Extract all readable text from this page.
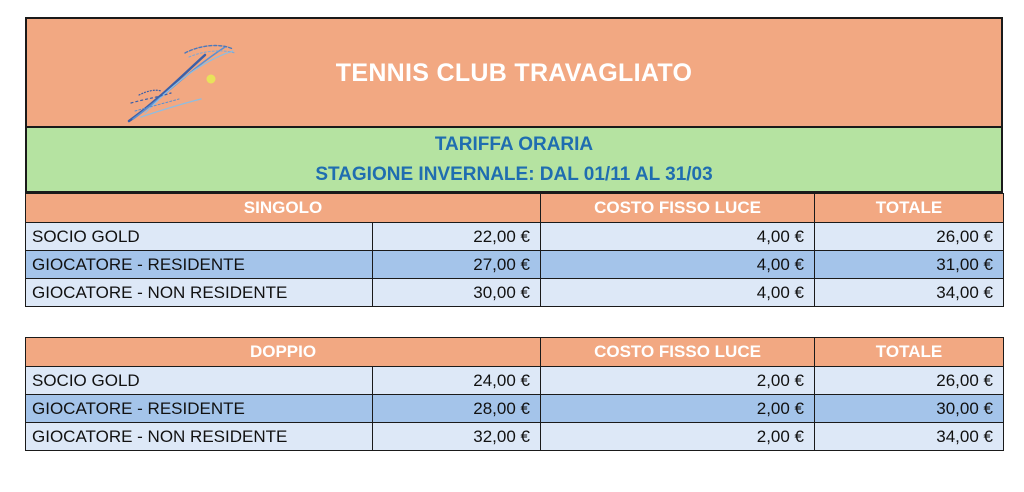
TENNIS CLUB TRAVAGLIATO
TARIFFA ORARIA
STAGIONE INVERNALE: DAL 01/11 AL 31/03
SINGOLO		COSTO FISSO LUCE	TOTALE
SOCIO GOLD	22,00 €	4,00 €	26,00 €
GIOCATORE - RESIDENTE	27,00 €	4,00 €	31,00 €
GIOCATORE - NON RESIDENTE	30,00 €	4,00 €	34,00 €
DOPPIO		COSTO FISSO LUCE	TOTALE
SOCIO GOLD	24,00 €	2,00 €	26,00 €
GIOCATORE - RESIDENTE	28,00 €	2,00 €	30,00 €
GIOCATORE - NON RESIDENTE	32,00 €	2,00 €	34,00 €
